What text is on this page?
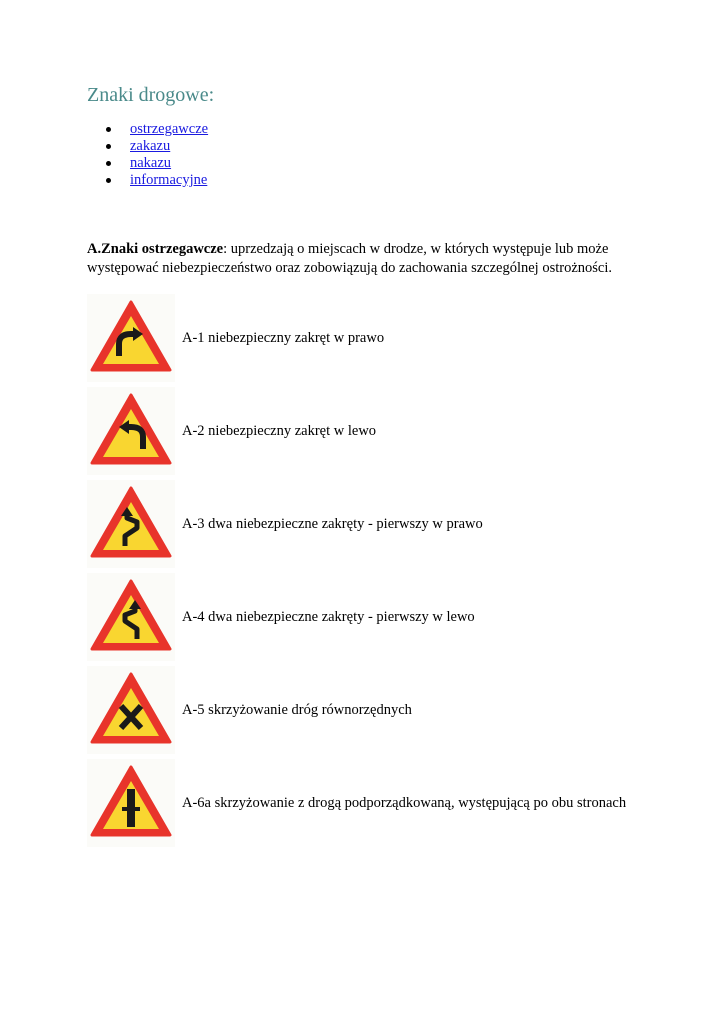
Znaki drogowe:
ostrzegawcze
zakazu
nakazu
informacyjne

A.Znaki ostrzegawcze: uprzedzają o miejscach w drodze, w których występuje lub może występować niebezpieczeństwo oraz zobowiązują do zachowania szczególnej ostrożności.

A-1 niebezpieczny zakręt w prawo
A-2 niebezpieczny zakręt w lewo
A-3 dwa niebezpieczne zakręty - pierwszy w prawo
A-4 dwa niebezpieczne zakręty - pierwszy w lewo
A-5 skrzyżowanie dróg równorzędnych
A-6a skrzyżowanie z drogą podporządkowaną, występującą po obu stronach
